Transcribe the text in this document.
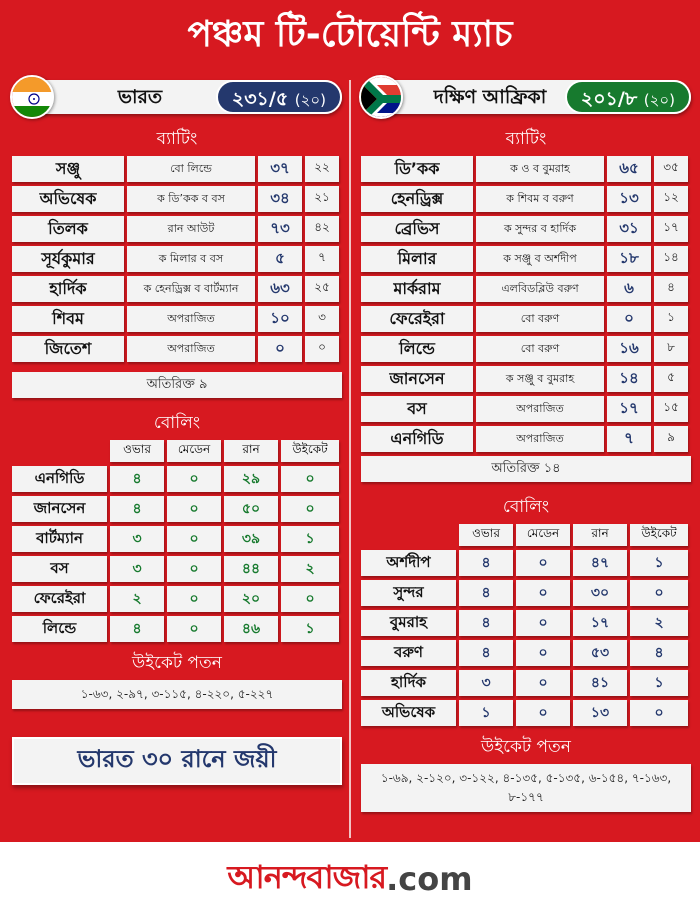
পঞ্চম টি-টোয়েন্টি ম্যাচ
ভারত	২৩১/৫ (২০)
ব্যাটিং
সঞ্জু	বো লিন্ডে	৩৭	২২
অভিষেক	ক ডি’কক ব বস	৩৪	২১
তিলক	রান আউট	৭৩	৪২
সূর্যকুমার	ক মিলার ব বস	৫	৭
হার্দিক	ক হেনড্রিক্স ব বার্টম্যান	৬৩	২৫
শিবম	অপরাজিত	১০	৩
জিতেশ	অপরাজিত	০	০
অতিরিক্ত ৯
বোলিং
ওভার	মেডেন	রান	উইকেট
এনগিডি	৪	০	২৯	০
জানসেন	৪	০	৫০	০
বার্টম্যান	৩	০	৩৯	১
বস	৩	০	৪৪	২
ফেরেইরা	২	০	২০	০
লিন্ডে	৪	০	৪৬	১
উইকেট পতন
১-৬৩, ২-৯৭, ৩-১১৫, ৪-২২০, ৫-২২৭
ভারত ৩০ রানে জয়ী
দক্ষিণ আফ্রিকা	২০১/৮ (২০)
ব্যাটিং
ডি’কক	ক ও ব বুমরাহ	৬৫	৩৫
হেনড্রিক্স	ক শিবম ব বরুণ	১৩	১২
ব্রেভিস	ক সুন্দর ব হার্দিক	৩১	১৭
মিলার	ক সঞ্জু ব অর্শদীপ	১৮	১৪
মার্করাম	এলবিডব্লিউ বরুণ	৬	৪
ফেরেইরা	বো বরুণ	০	১
লিন্ডে	বো বরুণ	১৬	৮
জানসেন	ক সঞ্জু ব বুমরাহ	১৪	৫
বস	অপরাজিত	১৭	১৫
এনগিডি	অপরাজিত	৭	৯
অতিরিক্ত ১৪
বোলিং
ওভার	মেডেন	রান	উইকেট
অর্শদীপ	৪	০	৪৭	১
সুন্দর	৪	০	৩০	০
বুমরাহ	৪	০	১৭	২
বরুণ	৪	০	৫৩	৪
হার্দিক	৩	০	৪১	১
অভিষেক	১	০	১৩	০
উইকেট পতন
১-৬৯, ২-১২০, ৩-১২২, ৪-১৩৫, ৫-১৩৫, ৬-১৫৪, ৭-১৬৩, ৮-১৭৭
আনন্দবাজার .com
